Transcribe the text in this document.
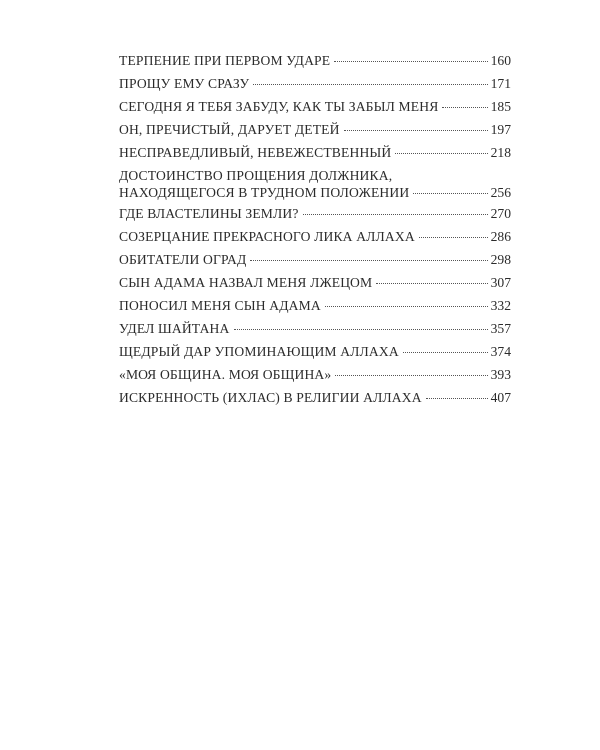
ТЕРПЕНИЕ ПРИ ПЕРВОМ УДАРЕ	160
ПРОЩУ ЕМУ СРАЗУ	171
СЕГОДНЯ Я ТЕБЯ ЗАБУДУ, КАК ТЫ ЗАБЫЛ МЕНЯ	185
ОН, ПРЕЧИСТЫЙ, ДАРУЕТ ДЕТЕЙ	197
НЕСПРАВЕДЛИВЫЙ, НЕВЕЖЕСТВЕННЫЙ	218
ДОСТОИНСТВО ПРОЩЕНИЯ ДОЛЖНИКА,
НАХОДЯЩЕГОСЯ В ТРУДНОМ ПОЛОЖЕНИИ	256
ГДЕ ВЛАСТЕЛИНЫ ЗЕМЛИ?	270
СОЗЕРЦАНИЕ ПРЕКРАСНОГО ЛИКА АЛЛАХА	286
ОБИТАТЕЛИ ОГРАД	298
СЫН АДАМА НАЗВАЛ МЕНЯ ЛЖЕЦОМ	307
ПОНОСИЛ МЕНЯ СЫН АДАМА	332
УДЕЛ ШАЙТАНА	357
ЩЕДРЫЙ ДАР УПОМИНАЮЩИМ АЛЛАХА	374
«МОЯ ОБЩИНА. МОЯ ОБЩИНА»	393
ИСКРЕННОСТЬ (ИХЛАС) В РЕЛИГИИ АЛЛАХА	407
